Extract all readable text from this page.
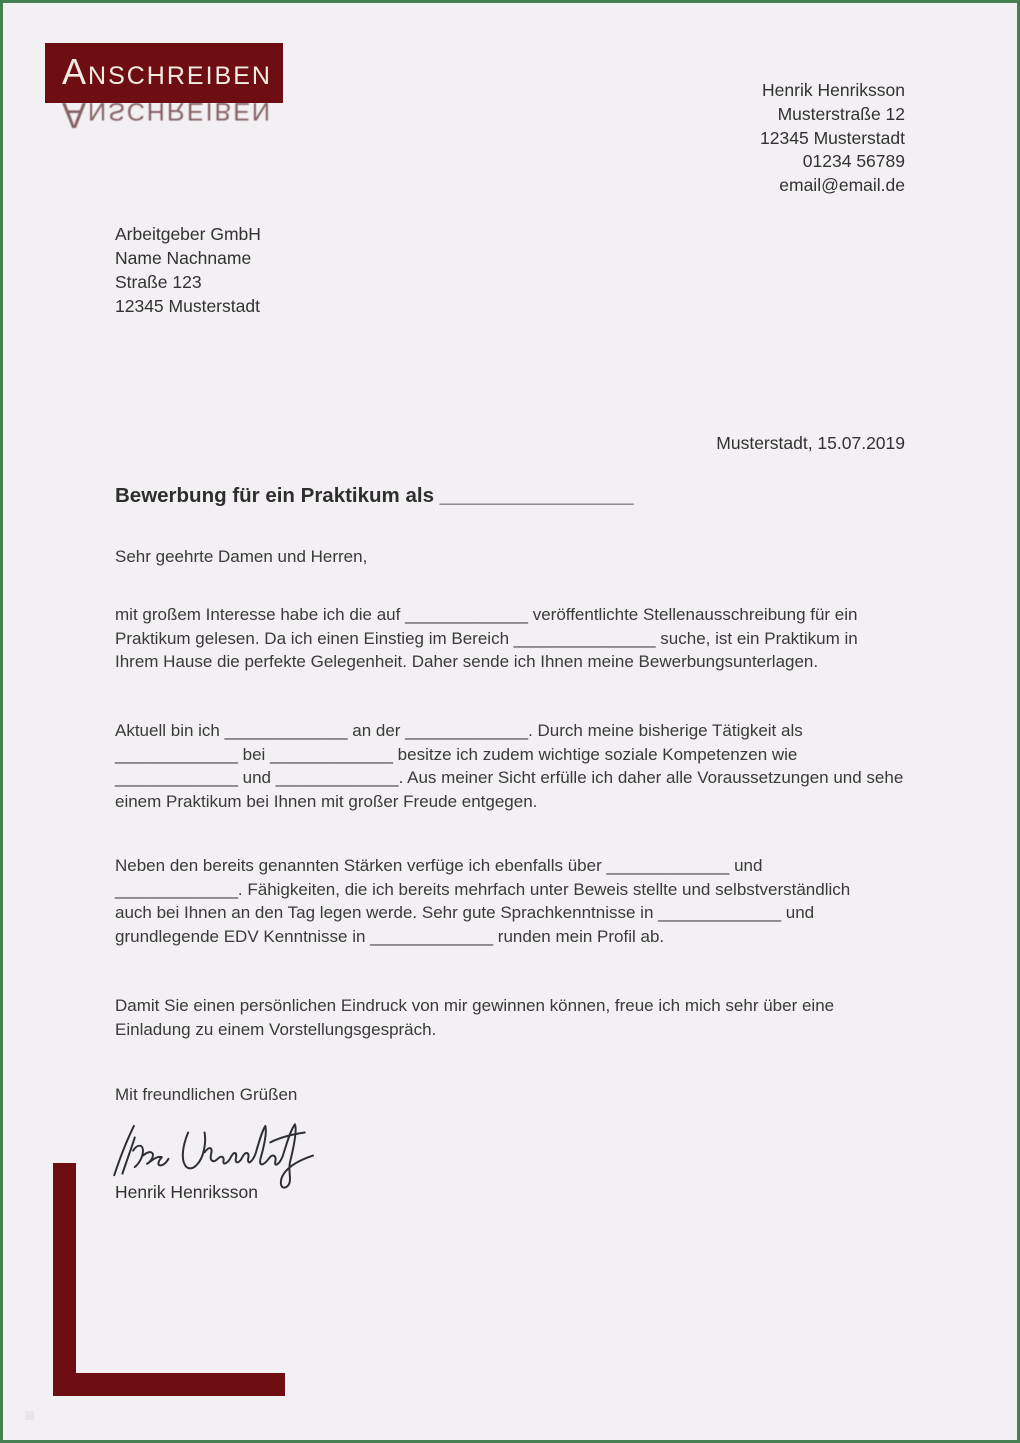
Anschreiben
Anschreiben
Henrik Henriksson
Musterstraße 12
12345 Musterstadt
01234 56789
email@email.de
Arbeitgeber GmbH
Name Nachname
Straße 123
12345 Musterstadt
Musterstadt, 15.07.2019
Bewerbung für ein Praktikum als _________________
Sehr geehrte Damen und Herren,
mit großem Interesse habe ich die auf _____________ veröffentlichte Stellenausschreibung für ein
Praktikum gelesen. Da ich einen Einstieg im Bereich _______________ suche, ist ein Praktikum in
Ihrem Hause die perfekte Gelegenheit. Daher sende ich Ihnen meine Bewerbungsunterlagen.
Aktuell bin ich _____________ an der _____________. Durch meine bisherige Tätigkeit als
_____________ bei _____________ besitze ich zudem wichtige soziale Kompetenzen wie
_____________ und _____________. Aus meiner Sicht erfülle ich daher alle Voraussetzungen und sehe
einem Praktikum bei Ihnen mit großer Freude entgegen.
Neben den bereits genannten Stärken verfüge ich ebenfalls über _____________ und
_____________. Fähigkeiten, die ich bereits mehrfach unter Beweis stellte und selbstverständlich
auch bei Ihnen an den Tag legen werde. Sehr gute Sprachkenntnisse in _____________ und
grundlegende EDV Kenntnisse in _____________ runden mein Profil ab.
Damit Sie einen persönlichen Eindruck von mir gewinnen können, freue ich mich sehr über eine
Einladung zu einem Vorstellungsgespräch.
Mit freundlichen Grüßen
Henrik Henriksson
